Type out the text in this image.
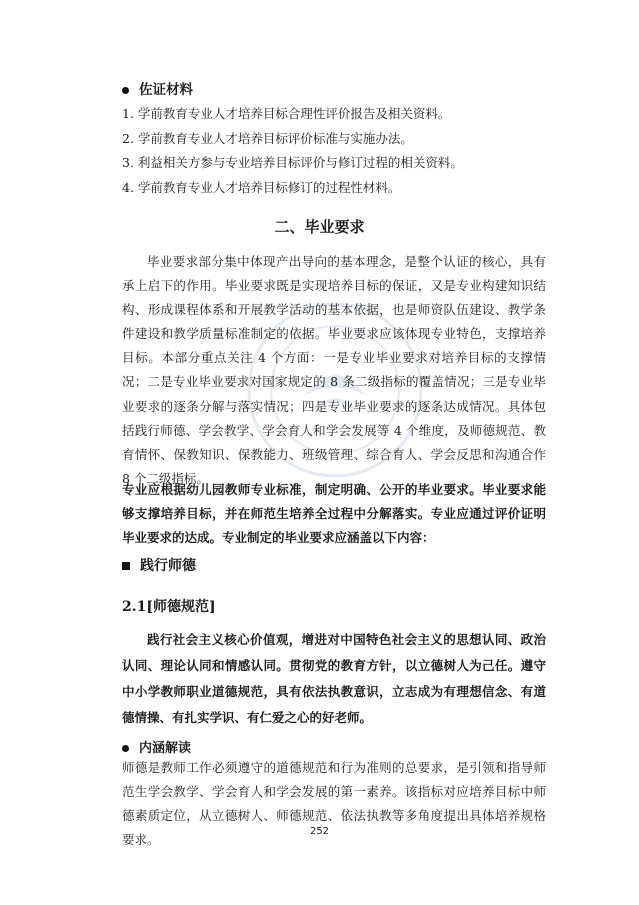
佐证材料
1. 学前教育专业人才培养目标合理性评价报告及相关资料。
2. 学前教育专业人才培养目标评价标准与实施办法。
3. 利益相关方参与专业培养目标评价与修订过程的相关资料。
4. 学前教育专业人才培养目标修订的过程性材料。
二、毕业要求

毕业要求部分集中体现产出导向的基本理念，是整个认证的核心，具有承上启下的作用。毕业要求既是实现培养目标的保证，又是专业构建知识结构、形成课程体系和开展教学活动的基本依据，也是师资队伍建设、教学条件建设和教学质量标准制定的依据。毕业要求应该体现专业特色，支撑培养目标。本部分重点关注 4 个方面：一是专业毕业要求对培养目标的支撑情况；二是专业毕业要求对国家规定的 8 条二级指标的覆盖情况；三是专业毕业要求的逐条分解与落实情况；四是专业毕业要求的逐条达成情况。具体包括践行师德、学会教学、学会育人和学会发展等 4 个维度，及师德规范、教育情怀、保教知识、保教能力、班级管理、综合育人、学会反思和沟通合作 8 个二级指标。

专业应根据幼儿园教师专业标准，制定明确、公开的毕业要求。毕业要求能够支撑培养目标，并在师范生培养全过程中分解落实。专业应通过评价证明毕业要求的达成。专业制定的毕业要求应涵盖以下内容：

践行师德
2.1[师德规范]

践行社会主义核心价值观，增进对中国特色社会主义的思想认同、政治认同、理论认同和情感认同。贯彻党的教育方针，以立德树人为己任。遵守中小学教师职业道德规范，具有依法执教意识，立志成为有理想信念、有道德情操、有扎实学识、有仁爱之心的好老师。

内涵解读

师德是教师工作必须遵守的道德规范和行为准则的总要求，是引领和指导师范生学会教学、学会育人和学会发展的第一素养。该指标对应培养目标中师德素质定位，从立德树人、师德规范、依法执教等多角度提出具体培养规格要求。

252
